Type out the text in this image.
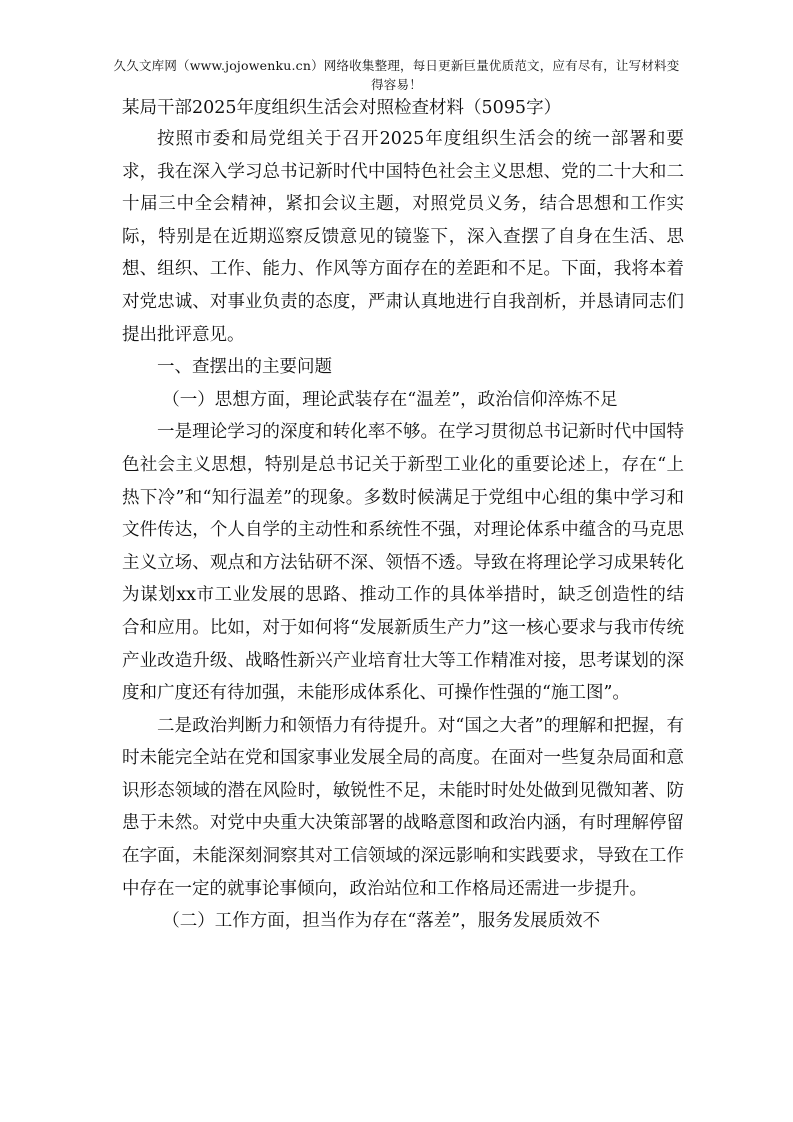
久久文库网（www.jojowenku.cn）网络收集整理，每日更新巨量优质范文，应有尽有，让写材料变得容易！
某局干部2025年度组织生活会对照检查材料（5095字）

按照市委和局党组关于召开2025年度组织生活会的统一部署和要求，我在深入学习总书记新时代中国特色社会主义思想、党的二十大和二十届三中全会精神，紧扣会议主题，对照党员义务，结合思想和工作实际，特别是在近期巡察反馈意见的镜鉴下，深入查摆了自身在生活、思想、组织、工作、能力、作风等方面存在的差距和不足。下面，我将本着对党忠诚、对事业负责的态度，严肃认真地进行自我剖析，并恳请同志们提出批评意见。

一、查摆出的主要问题

（一）思想方面，理论武装存在“温差”，政治信仰淬炼不足

一是理论学习的深度和转化率不够。在学习贯彻总书记新时代中国特色社会主义思想，特别是总书记关于新型工业化的重要论述上，存在“上热下冷”和“知行温差”的现象。多数时候满足于党组中心组的集中学习和文件传达，个人自学的主动性和系统性不强，对理论体系中蕴含的马克思主义立场、观点和方法钻研不深、领悟不透。导致在将理论学习成果转化为谋划xx市工业发展的思路、推动工作的具体举措时，缺乏创造性的结合和应用。比如，对于如何将“发展新质生产力”这一核心要求与我市传统产业改造升级、战略性新兴产业培育壮大等工作精准对接，思考谋划的深度和广度还有待加强，未能形成体系化、可操作性强的“施工图”。

二是政治判断力和领悟力有待提升。对“国之大者”的理解和把握，有时未能完全站在党和国家事业发展全局的高度。在面对一些复杂局面和意识形态领域的潜在风险时，敏锐性不足，未能时时处处做到见微知著、防患于未然。对党中央重大决策部署的战略意图和政治内涵，有时理解停留在字面，未能深刻洞察其对工信领域的深远影响和实践要求，导致在工作中存在一定的就事论事倾向，政治站位和工作格局还需进一步提升。

（二）工作方面，担当作为存在“落差”，服务发展质效不
